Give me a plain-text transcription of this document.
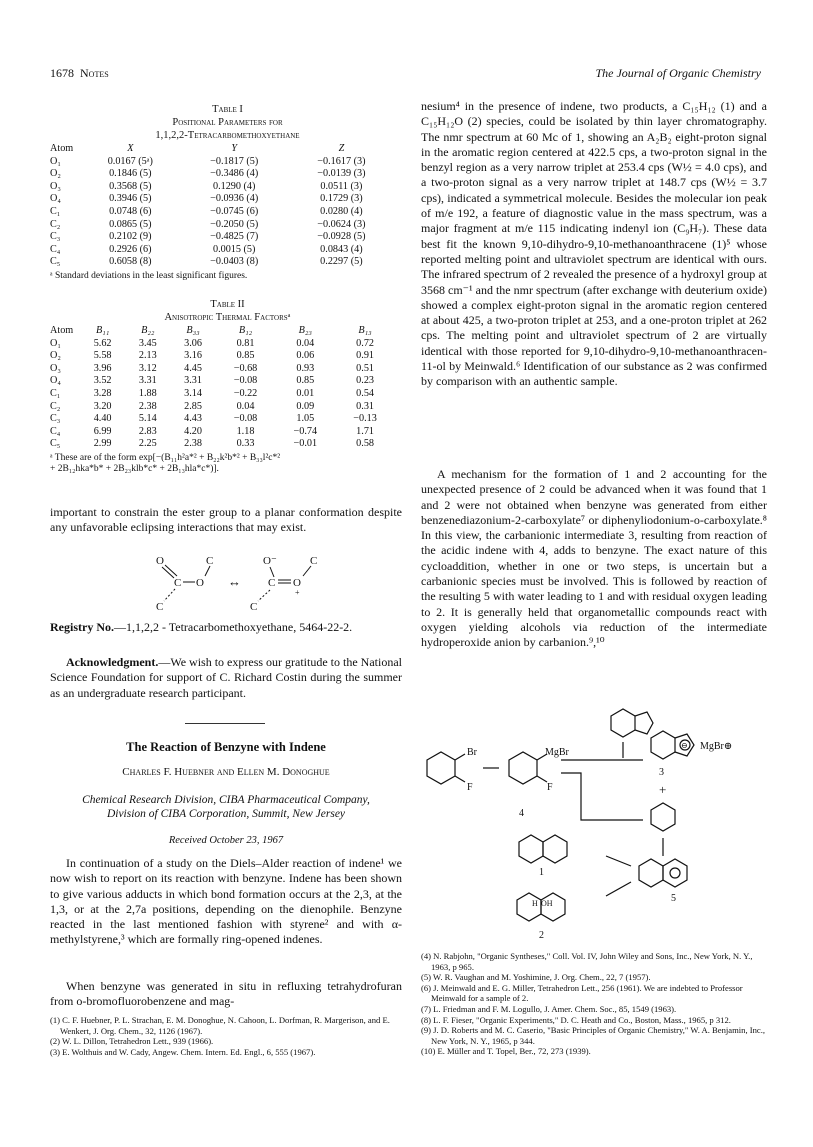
1678 Notes	The Journal of Organic Chemistry
Table I
Positional Parameters for
1,1,2,2-Tetracarbomethoxyethane
Atom	X	Y	Z
O₁	0.0167 (5ᵃ)	−0.1817 (5)	−0.1617 (3)
O₂	0.1846 (5)	−0.3486 (4)	−0.0139 (3)
O₃	0.3568 (5)	0.1290 (4)	0.0511 (3)
O₄	0.3946 (5)	−0.0936 (4)	0.1729 (3)
C₁	0.0748 (6)	−0.0745 (6)	0.0280 (4)
C₂	0.0865 (5)	−0.2050 (5)	−0.0624 (3)
C₃	0.2102 (9)	−0.4825 (7)	−0.0928 (5)
C₄	0.2926 (6)	0.0015 (5)	0.0843 (4)
C₅	0.6058 (8)	−0.0403 (8)	0.2297 (5)
ᵃ Standard deviations in the least significant figures.
Table II
Anisotropic Thermal Factorsᵃ
Atom	B₁₁	B₂₂	B₃₃	B₁₂	B₂₃	B₁₃
O₁	5.62	3.45	3.06	0.81	0.04	0.72
O₂	5.58	2.13	3.16	0.85	0.06	0.91
O₃	3.96	3.12	4.45	−0.68	0.93	0.51
O₄	3.52	3.31	3.31	−0.08	0.85	0.23
C₁	3.28	1.88	3.14	−0.22	0.01	0.54
C₂	3.20	2.38	2.85	0.04	0.09	0.31
C₃	4.40	5.14	4.43	−0.08	1.05	−0.13
C₄	6.99	2.83	4.20	1.18	−0.74	1.71
C₅	2.99	2.25	2.38	0.33	−0.01	0.58
ᵃ These are of the form exp[−(B₁₁h²a*² + B₂₂k²b*² + B₃₃l²c*²
+ 2B₁₂hka*b* + 2B₂₃klb*c* + 2B₁₃hla*c*)].
important to constrain the ester group to a planar conformation despite any unfavorable eclipsing interactions that may exist.
O	C
C O
C
↔
O⁻	C
C O
+
C
Registry No.—1,1,2,2 - Tetracarbomethoxyethane, 5464-22-2.
Acknowledgment.—We wish to express our gratitude to the National Science Foundation for support of C. Richard Costin during the summer as an undergraduate research participant.
The Reaction of Benzyne with Indene
Charles F. Huebner and Ellen M. Donoghue
Chemical Research Division, CIBA Pharmaceutical Company,
Division of CIBA Corporation, Summit, New Jersey
Received October 23, 1967
In continuation of a study on the Diels–Alder reaction of indene¹ we now wish to report on its reaction with benzyne. Indene has been shown to give various adducts in which bond formation occurs at the 2,3, at the 1,3, or at the 2,7a positions, depending on the dienophile. Benzyne reacted in the last mentioned fashion with styrene² and with α-methylstyrene,³ which are formally ring-opened indenes.
When benzyne was generated in situ in refluxing tetrahydrofuran from o-bromofluorobenzene and mag-

(1) C. F. Huebner, P. L. Strachan, E. M. Donoghue, N. Cahoon, L. Dorfman, R. Margerison, and E. Wenkert, J. Org. Chem., 32, 1126 (1967).

(2) W. L. Dillon, Tetrahedron Lett., 939 (1966).

(3) E. Wolthuis and W. Cady, Angew. Chem. Intern. Ed. Engl., 6, 555 (1967).

nesium⁴ in the presence of indene, two products, a C₁₅H₁₂ (1) and a C₁₅H₁₂O (2) species, could be isolated by thin layer chromatography. The nmr spectrum at 60 Mc of 1, showing an A₂B₂ eight-proton signal in the aromatic region centered at 422.5 cps, a two-proton signal in the benzyl region as a very narrow triplet at 253.4 cps (W½ = 4.0 cps), and a two-proton signal as a very narrow triplet at 148.7 cps (W½ = 3.7 cps), indicated a symmetrical molecule. Besides the molecular ion peak of m/e 192, a feature of diagnostic value in the mass spectrum, was a major fragment at m/e 115 indicating indenyl ion (C₉H₇). These data best fit the known 9,10-dihydro-9,10-methanoanthracene (1)⁵ whose reported melting point and ultraviolet spectrum are identical with ours. The infrared spectrum of 2 revealed the presence of a hydroxyl group at 3568 cm⁻¹ and the nmr spectrum (after exchange with deuterium oxide) showed a complex eight-proton signal in the aromatic region centered at about 425, a two-proton triplet at 253, and a one-proton triplet at 262 cps. The melting point and ultraviolet spectrum of 2 are virtually identical with those reported for 9,10-dihydro-9,10-methanoanthracen-11-ol by Meinwald.⁶ Identification of our substance as 2 was confirmed by comparison with an authentic sample.
A mechanism for the formation of 1 and 2 accounting for the unexpected presence of 2 could be advanced when it was found that 1 and 2 were not obtained when benzyne was generated from either benzenediazonium-2-carboxylate⁷ or diphenyliodonium-o-carboxylate.⁸ In this view, the carbanionic intermediate 3, resulting from reaction of the acidic indene with 4, adds to benzyne. The exact nature of this cycloaddition, whether in one or two steps, is uncertain but a carbanionic species must be involved. This is followed by reaction of the resulting 5 with water leading to 1 and with residual oxygen leading to 2. It is generally held that organometallic compounds react with oxygen yielding alcohols via reduction of the intermediate hydroperoxide anion by carbanion.⁹,¹⁰
Br
F
MgBr
F
MgBr⊕
⊖
3
+
4
1
5
2
OH
H

(4) N. Rabjohn, "Organic Syntheses," Coll. Vol. IV, John Wiley and Sons, Inc., New York, N. Y., 1963, p 965.

(5) W. R. Vaughan and M. Yoshimine, J. Org. Chem., 22, 7 (1957).

(6) J. Meinwald and E. G. Miller, Tetrahedron Lett., 256 (1961). We are indebted to Professor Meinwald for a sample of 2.

(7) L. Friedman and F. M. Logullo, J. Amer. Chem. Soc., 85, 1549 (1963).

(8) L. F. Fieser, "Organic Experiments," D. C. Heath and Co., Boston, Mass., 1965, p 312.

(9) J. D. Roberts and M. C. Caserio, "Basic Principles of Organic Chemistry," W. A. Benjamin, Inc., New York, N. Y., 1965, p 344.

(10) E. Müller and T. Topel, Ber., 72, 273 (1939).
